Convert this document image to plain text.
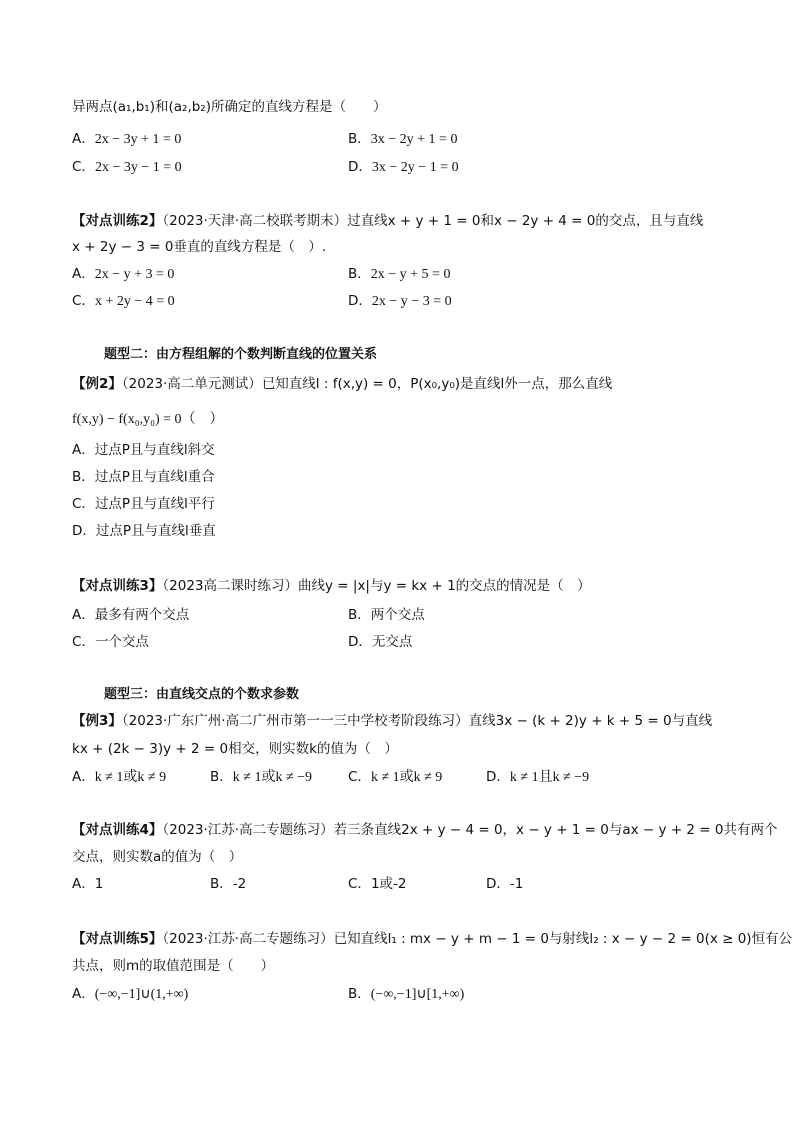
异两点(a₁,b₁)和(a₂,b₂)所确定的直线方程是（　　）
A．2x − 3y + 1 = 0	B．3x − 2y + 1 = 0
C．2x − 3y − 1 = 0	D．3x − 2y − 1 = 0
【对点训练2】（2023·天津·高二校联考期末）过直线x + y + 1 = 0和x − 2y + 4 = 0的交点，且与直线
x + 2y − 3 = 0垂直的直线方程是（　）.
A．2x − y + 3 = 0	B．2x − y + 5 = 0
C．x + 2y − 4 = 0	D．2x − y − 3 = 0
题型二：由方程组解的个数判断直线的位置关系
【例2】（2023·高二单元测试）已知直线l : f(x,y) = 0，P(x₀,y₀)是直线l外一点，那么直线
f(x,y) − f(x₀,y₀) = 0（　）
A．过点P且与直线l斜交
B．过点P且与直线l重合
C．过点P且与直线l平行
D．过点P且与直线l垂直
【对点训练3】（2023高二课时练习）曲线y = |x|与y = kx + 1的交点的情况是（　）
A．最多有两个交点	B．两个交点
C．一个交点	D．无交点
题型三：由直线交点的个数求参数
【例3】（2023·广东广州·高二广州市第一一三中学校考阶段练习）直线3x − (k + 2)y + k + 5 = 0与直线
kx + (2k − 3)y + 2 = 0相交，则实数k的值为（　）
A．k ≠ 1或k ≠ 9	B．k ≠ 1或k ≠ −9	C．k ≠ 1或k ≠ 9	D．k ≠ 1且k ≠ −9
【对点训练4】（2023·江苏·高二专题练习）若三条直线2x + y − 4 = 0，x − y + 1 = 0与ax − y + 2 = 0共有两个
交点，则实数a的值为（　）
A．1	B．-2	C．1或-2	D．-1
【对点训练5】（2023·江苏·高二专题练习）已知直线l₁ : mx − y + m − 1 = 0与射线l₂ : x − y − 2 = 0(x ≥ 0)恒有公
共点，则m的取值范围是（　　）
A．(−∞,−1]∪(1,+∞)	B．(−∞,−1]∪[1,+∞)
